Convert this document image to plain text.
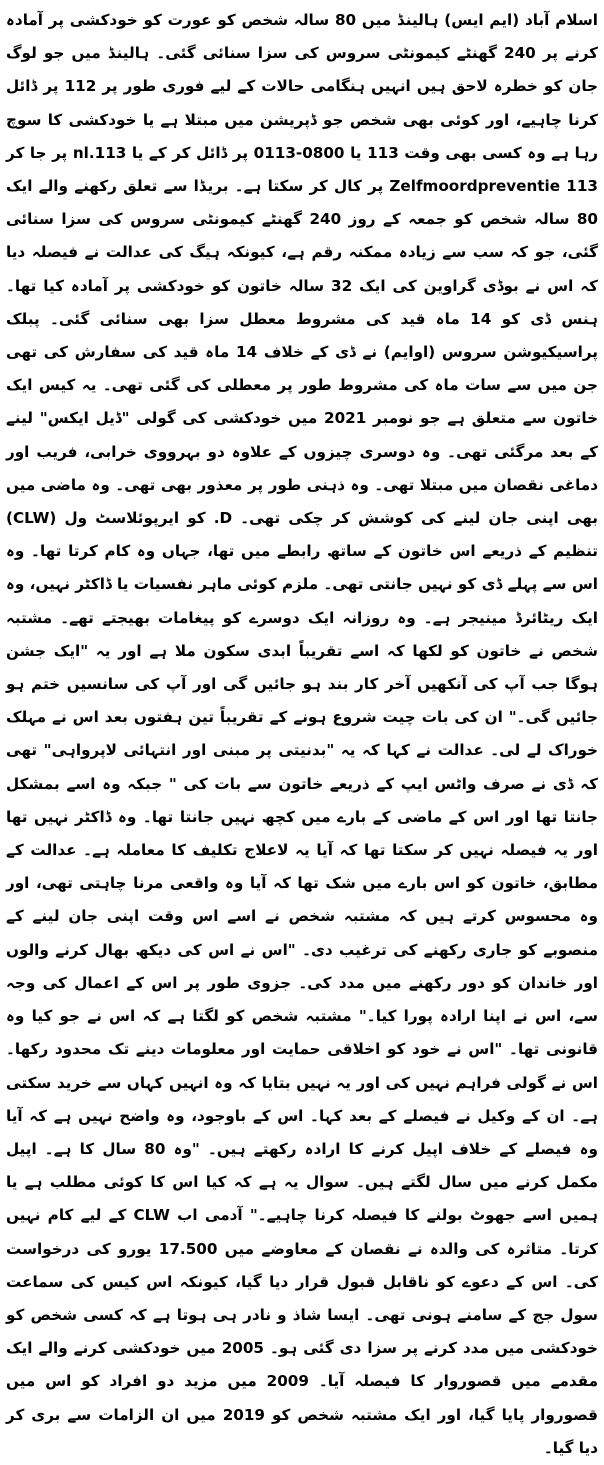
اسلام آباد (ایم ایس) ہالینڈ میں 80 سالہ شخص کو عورت کو خودکشی پر آمادہ کرنے پر 240 گھنٹے کیمونٹی سروس کی سزا سنائی گئی۔ ہالینڈ میں جو لوگ جان کو خطرہ لاحق ہیں انہیں ہنگامی حالات کے لیے فوری طور پر 112 پر ڈائل کرنا چاہیے، اور کوئی بھی شخص جو ڈپریشن میں مبتلا ہے یا خودکشی کا سوچ رہا ہے وہ کسی بھی وقت 113 یا 0800-0113 پر ڈائل کر کے یا 113.nl پر جا کر 113 Zelfmoordpreventie پر کال کر سکتا ہے۔ بریڈا سے تعلق رکھنے والے ایک 80 سالہ شخص کو جمعہ کے روز 240 گھنٹے کیمونٹی سروس کی سزا سنائی گئی، جو کہ سب سے زیادہ ممکنہ رقم ہے، کیونکہ ہیگ کی عدالت نے فیصلہ دیا کہ اس نے بوڈی گراوین کی ایک 32 سالہ خاتون کو خودکشی پر آمادہ کیا تھا۔ ہنس ڈی کو 14 ماہ قید کی مشروط معطل سزا بھی سنائی گئی۔ پبلک پراسیکیوشن سروس (اوایم) نے ڈی کے خلاف 14 ماہ قید کی سفارش کی تھی جن میں سے سات ماہ کی مشروط طور پر معطلی کی گئی تھی۔ یہ کیس ایک خاتون سے متعلق ہے جو نومبر 2021 میں خودکشی کی گولی "ڈیل ایکس" لینے کے بعد مرگئی تھی۔ وہ دوسری چیزوں کے علاوہ دو بہرووی خرابی، فریب اور دماغی نقصان میں مبتلا تھی۔ وہ ذہنی طور پر معذور بھی تھی۔ وہ ماضی میں بھی اپنی جان لینے کی کوشش کر چکی تھی۔ D. کو ایرپوئلاسٹ ول (CLW) تنظیم کے ذریعے اس خاتون کے ساتھ رابطے میں تھا، جہاں وہ کام کرتا تھا۔ وہ اس سے پہلے ڈی کو نہیں جانتی تھی۔ ملزم کوئی ماہر نفسیات یا ڈاکٹر نہیں، وہ ایک ریٹائرڈ مینیجر ہے۔ وہ روزانہ ایک دوسرے کو پیغامات بھیجتے تھے۔ مشتبہ شخص نے خاتون کو لکھا کہ اسے تقریباً ابدی سکون ملا ہے اور یہ "ایک جشن ہوگا جب آپ کی آنکھیں آخر کار بند ہو جائیں گی اور آپ کی سانسیں ختم ہو جائیں گی۔" ان کی بات چیت شروع ہونے کے تقریباً تین ہفتوں بعد اس نے مہلک خوراک لے لی۔ عدالت نے کہا کہ یہ "بدنیتی پر مبنی اور انتہائی لاپرواہی" تھی کہ ڈی نے صرف واٹس ایپ کے ذریعے خاتون سے بات کی " جبکہ وہ اسے بمشکل جانتا تھا اور اس کے ماضی کے بارے میں کچھ نہیں جانتا تھا۔ وہ ڈاکٹر نہیں تھا اور یہ فیصلہ نہیں کر سکتا تھا کہ آیا یہ لاعلاج تکلیف کا معاملہ ہے۔ عدالت کے مطابق، خاتون کو اس بارے میں شک تھا کہ آیا وہ واقعی مرنا چاہتی تھی، اور وہ محسوس کرتے ہیں کہ مشتبہ شخص نے اسے اس وقت اپنی جان لینے کے منصوبے کو جاری رکھنے کی ترغیب دی۔ "اس نے اس کی دیکھ بھال کرنے والوں اور خاندان کو دور رکھنے میں مدد کی۔ جزوی طور پر اس کے اعمال کی وجہ سے، اس نے اپنا ارادہ پورا کیا۔" مشتبہ شخص کو لگتا ہے کہ اس نے جو کیا وہ قانونی تھا۔ "اس نے خود کو اخلاقی حمایت اور معلومات دینے تک محدود رکھا۔ اس نے گولی فراہم نہیں کی اور یہ نہیں بتایا کہ وہ انہیں کہاں سے خرید سکتی ہے۔ ان کے وکیل نے فیصلے کے بعد کہا۔ اس کے باوجود، وہ واضح نہیں ہے کہ آیا وہ فیصلے کے خلاف اپیل کرنے کا ارادہ رکھتے ہیں۔ "وہ 80 سال کا ہے۔ اپیل مکمل کرنے میں سال لگتے ہیں۔ سوال یہ ہے کہ کیا اس کا کوئی مطلب ہے یا ہمیں اسے جھوٹ بولنے کا فیصلہ کرنا چاہیے۔" آدمی اب CLW کے لیے کام نہیں کرتا۔ متاثرہ کی والدہ نے نقصان کے معاوضے میں 17.500 یورو کی درخواست کی۔ اس کے دعوے کو ناقابل قبول قرار دیا گیا، کیونکہ اس کیس کی سماعت سول جج کے سامنے ہونی تھی۔ ایسا شاذ و نادر ہی ہوتا ہے کہ کسی شخص کو خودکشی میں مدد کرنے پر سزا دی گئی ہو۔ 2005 میں خودکشی کرنے والے ایک مقدمے میں قصوروار کا فیصلہ آیا۔ 2009 میں مزید دو افراد کو اس میں قصوروار پایا گیا، اور ایک مشتبہ شخص کو 2019 میں ان الزامات سے بری کر دیا گیا۔
